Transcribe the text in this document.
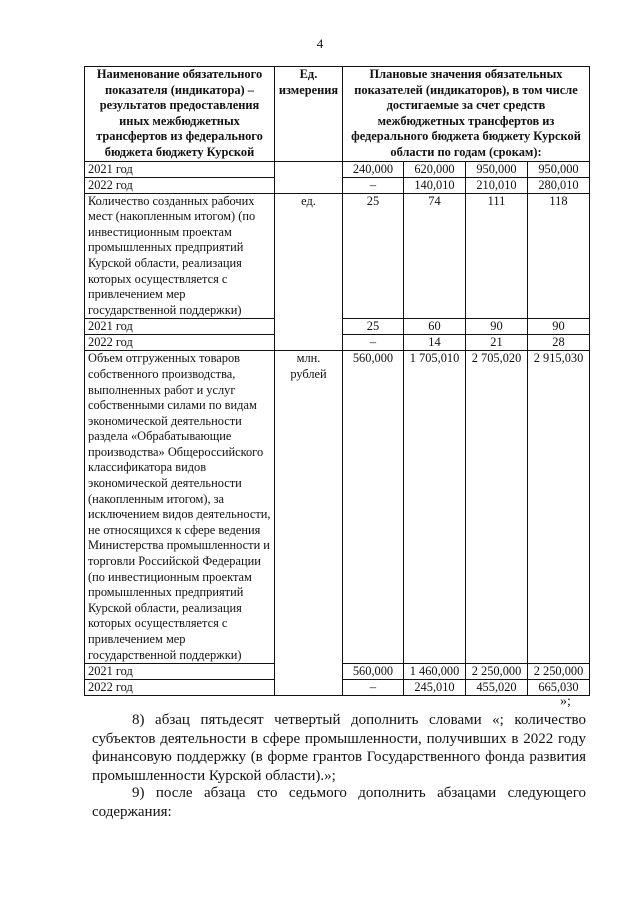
4
Наименование обязательного показателя (индикатора) – результатов предоставления иных межбюджетных трансфертов из федерального бюджета бюджету Курской	Ед. измерения	Плановые значения обязательных показателей (индикаторов), в том числе достигаемые за счет средств межбюджетных трансфертов из федерального бюджета бюджету Курской области по годам (срокам):			
2021 год		240,000	620,000	950,000	950,000
2022 год		–	140,010	210,010	280,010
Количество созданных рабочих мест (накопленным итогом) (по инвестиционным проектам промышленных предприятий Курской области, реализация которых осуществляется с привлечением мер государственной поддержки)	ед.	25	74	111	118
2021 год		25	60	90	90
2022 год		–	14	21	28
Объем отгруженных товаров собственного производства, выполненных работ и услуг собственными силами по видам экономической деятельности раздела «Обрабатывающие производства» Общероссийского классификатора видов экономической деятельности (накопленным итогом), за исключением видов деятельности, не относящихся к сфере ведения Министерства промышленности и торговли Российской Федерации (по инвестиционным проектам промышленных предприятий Курской области, реализация которых осуществляется с привлечением мер государственной поддержки)	млн. рублей	560,000	1 705,010	2 705,020	2 915,030
2021 год		560,000	1 460,000	2 250,000	2 250,000
2022 год		–	245,010	455,020	665,030
»;
8) абзац пятьдесят четвертый дополнить словами «; количество субъектов деятельности в сфере промышленности, получивших в 2022 году финансовую поддержку (в форме грантов Государственного фонда развития промышленности Курской области).»;
9) после абзаца сто седьмого дополнить абзацами следующего содержания:
